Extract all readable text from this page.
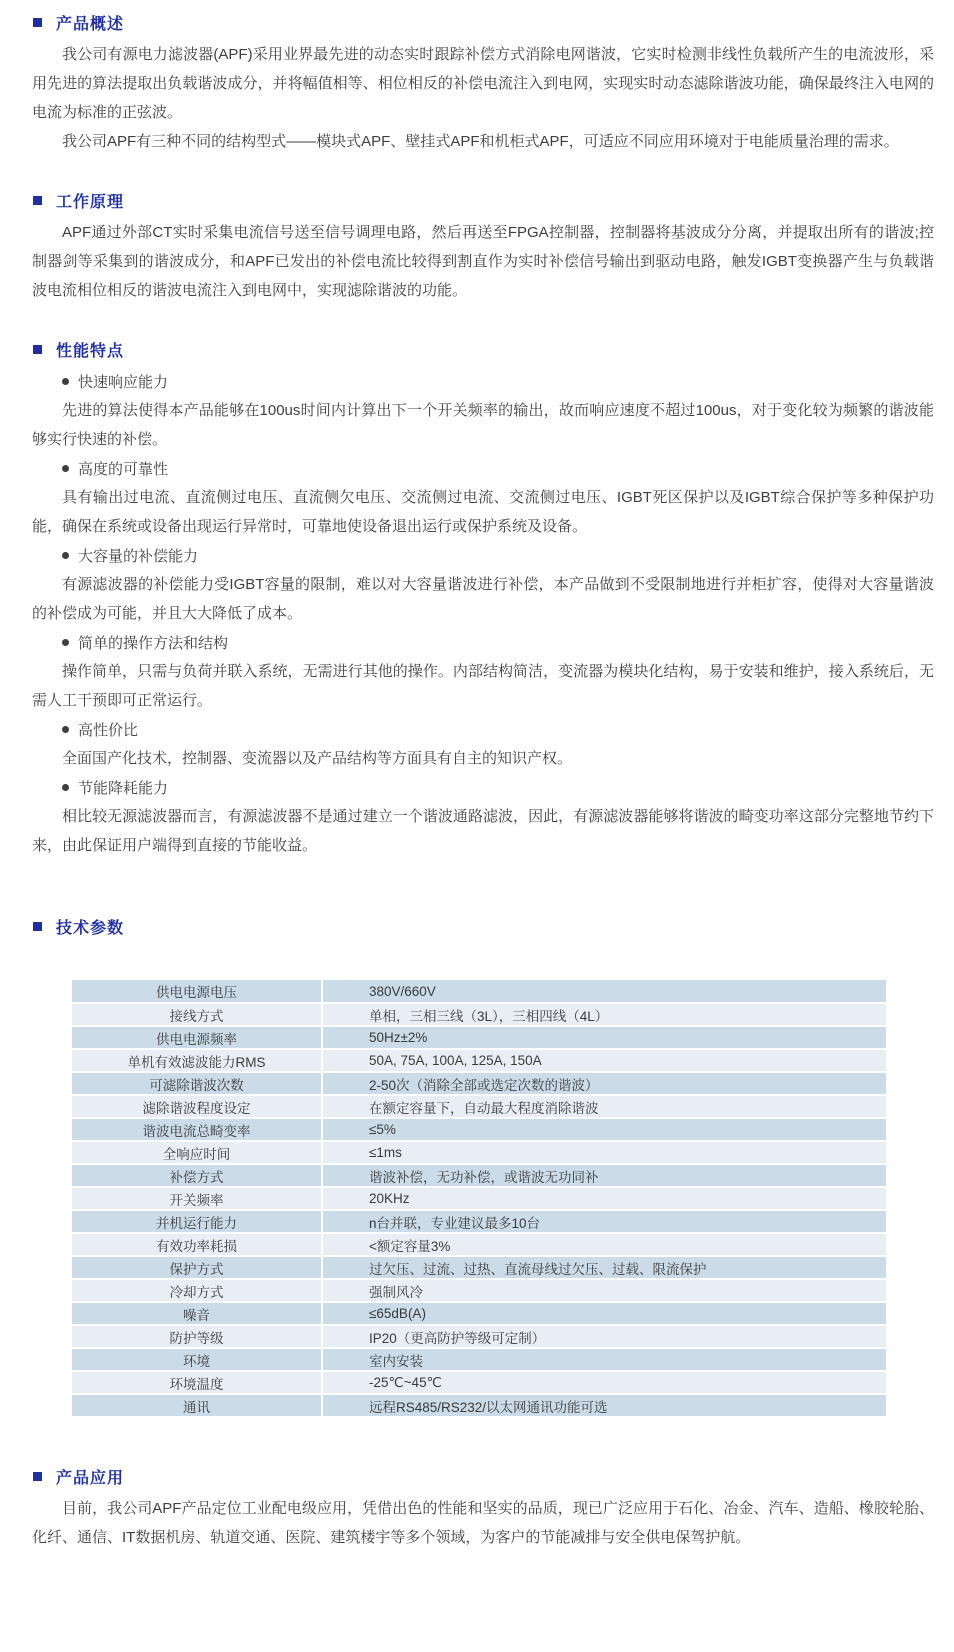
产品概述

我公司有源电力滤波器(APF)采用业界最先进的动态实时跟踪补偿方式消除电网谐波，它实时检测非线性负载所产生的电流波形，采用先进的算法提取出负载谐波成分，并将幅值相等、相位相反的补偿电流注入到电网，实现实时动态滤除谐波功能，确保最终注入电网的电流为标准的正弦波。

我公司APF有三种不同的结构型式——模块式APF、壁挂式APF和机柜式APF，可适应不同应用环境对于电能质量治理的需求。

工作原理

APF通过外部CT实时采集电流信号送至信号调理电路，然后再送至FPGA控制器，控制器将基波成分分离，并提取出所有的谐波;控制器剑等采集到的谐波成分，和APF已发出的补偿电流比较得到割直作为实时补偿信号输出到驱动电路，触发IGBT变换器产生与负载谐波电流相位相反的谐波电流注入到电网中，实现滤除谐波的功能。

性能特点
快速响应能力

先进的算法使得本产品能够在100us时间内计算出下一个开关频率的输出，故而响应速度不超过100us，对于变化较为频繁的谐波能够实行快速的补偿。

高度的可靠性

具有输出过电流、直流侧过电压、直流侧欠电压、交流侧过电流、交流侧过电压、IGBT死区保护以及IGBT综合保护等多种保护功能，确保在系统或设备出现运行异常时，可靠地使设备退出运行或保护系统及设备。

大容量的补偿能力

有源滤波器的补偿能力受IGBT容量的限制，难以对大容量谐波进行补偿，本产品做到不受限制地进行并柜扩容，使得对大容量谐波的补偿成为可能，并且大大降低了成本。

简单的操作方法和结构

操作简单，只需与负荷并联入系统，无需进行其他的操作。内部结构简洁，变流器为模块化结构，易于安装和维护，接入系统后，无需人工干预即可正常运行。

高性价比

全面国产化技术，控制器、变流器以及产品结构等方面具有自主的知识产权。

节能降耗能力

相比较无源滤波器而言，有源滤波器不是通过建立一个谐波通路滤波，因此，有源滤波器能够将谐波的畸变功率这部分完整地节约下来，由此保证用户端得到直接的节能收益。

技术参数
供电电源电压	380V/660V
接线方式	单相，三相三线（3L），三相四线（4L）
供电电源频率	50Hz±2%
单机有效滤波能力RMS	50A, 75A, 100A, 125A, 150A
可滤除谐波次数	2-50次（消除全部或选定次数的谐波）
滤除谐波程度设定	在额定容量下，自动最大程度消除谐波
谐波电流总畸变率	≤5%
全响应时间	≤1ms
补偿方式	谐波补偿，无功补偿，或谐波无功同补
开关频率	20KHz
并机运行能力	n台并联，专业建议最多10台
有效功率耗损	<额定容量3%
保护方式	过欠压、过流、过热、直流母线过欠压、过载、限流保护
冷却方式	强制风冷
噪音	≤65dB(A)
防护等级	IP20（更高防护等级可定制）
环境	室内安装
环境温度	-25℃~45℃
通讯	远程RS485/RS232/以太网通讯功能可选
产品应用

目前，我公司APF产品定位工业配电级应用，凭借出色的性能和坚实的品质，现已广泛应用于石化、冶金、汽车、造船、橡胶轮胎、化纤、通信、IT数据机房、轨道交通、医院、建筑楼宇等多个领域，为客户的节能减排与安全供电保驾护航。
